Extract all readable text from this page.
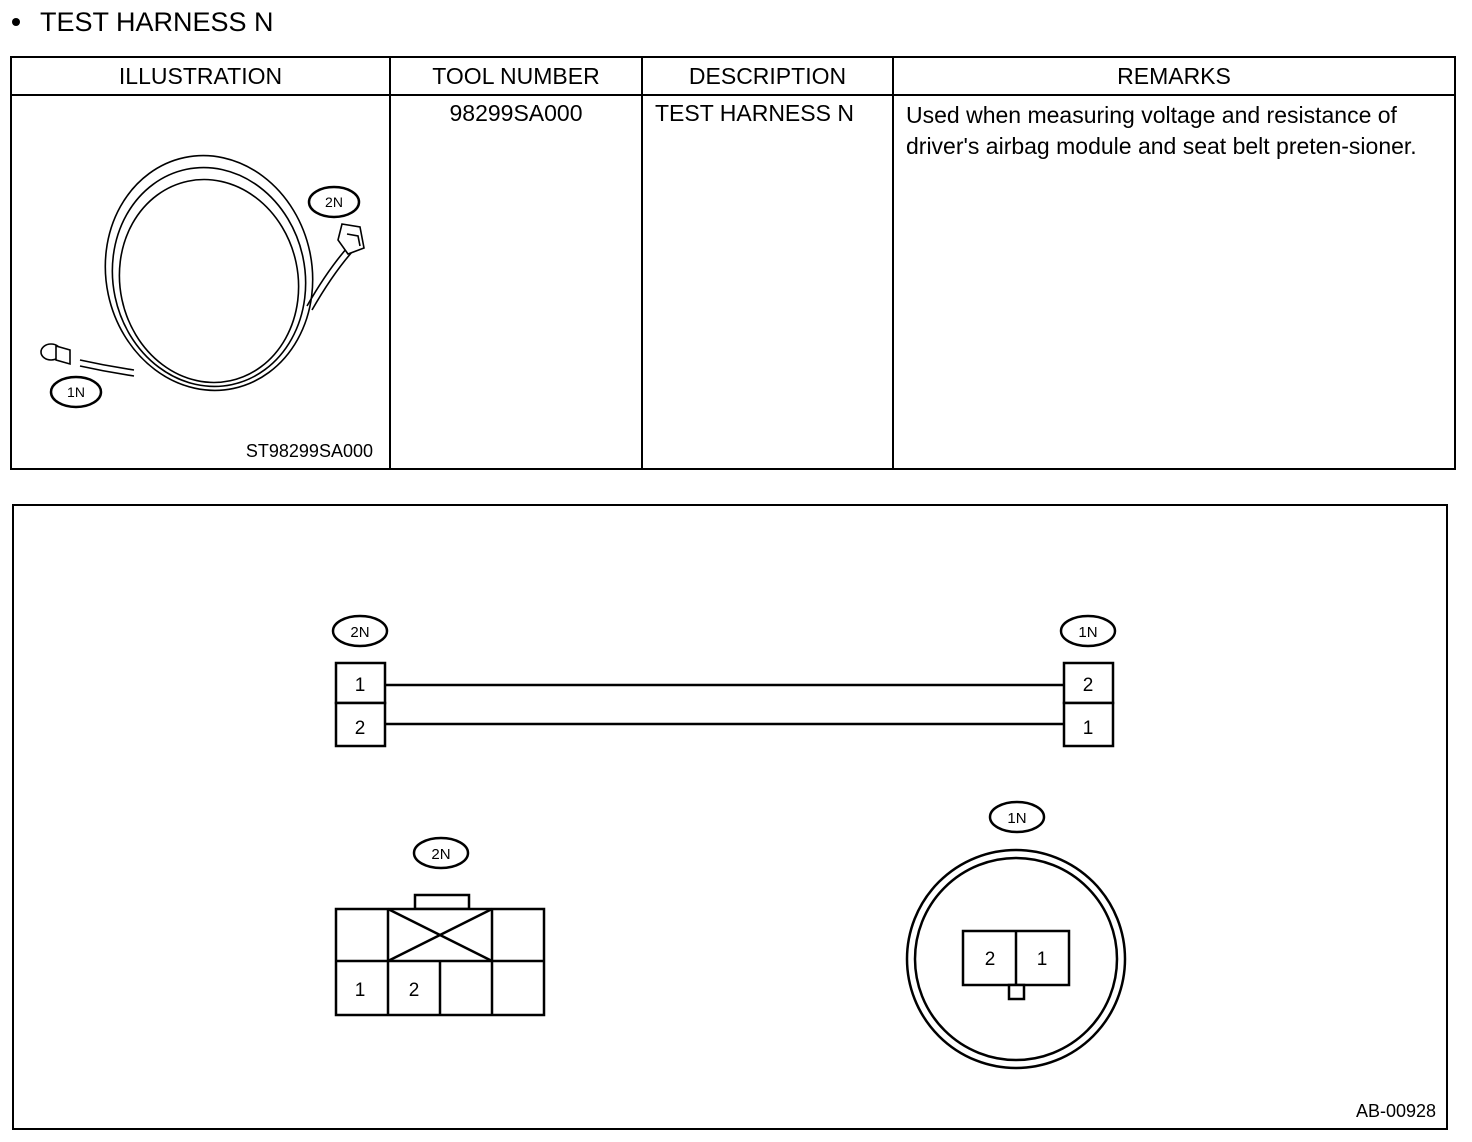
TEST HARNESS N
ILLUSTRATION	TOOL NUMBER	DESCRIPTION	REMARKS

2N
1N
ST98299SA000	98299SA000	TEST HARNESS N	Used when measuring voltage and resistance of driver's airbag module and seat belt preten-sioner.
2N
1
2
1N
2
1
2N
1 2
1N
2 1
AB-00928
